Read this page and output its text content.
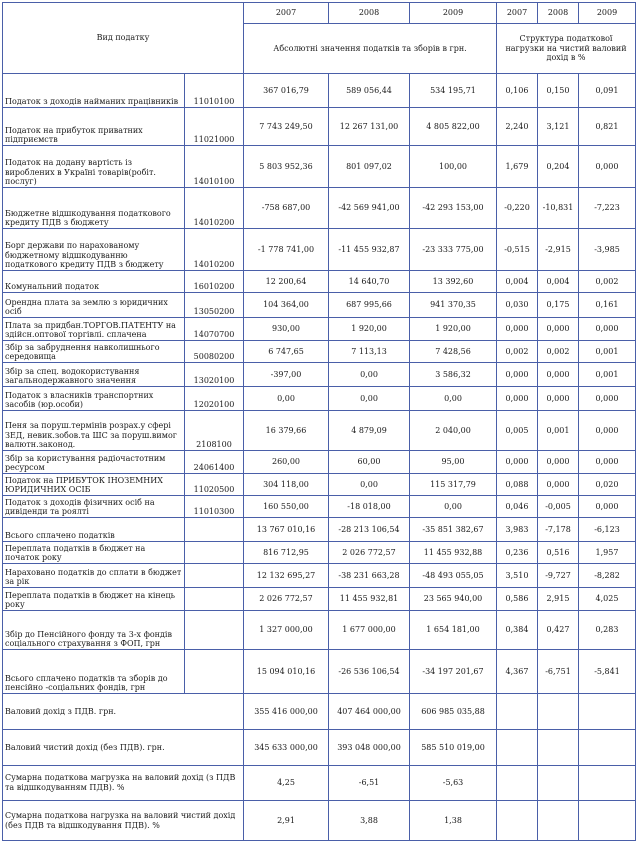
Вид податку		2007	2008	2009	2007	2008	2009
		Абсолютні значення податків та зборів в грн.			Структура податкової нагрузки на чистий валовий дохід в %		
Податок з доходів найманих працівників	11010100	367 016,79	589 056,44	534 195,71	0,106	0,150	0,091
Податок на прибуток приватних підприємств	11021000	7 743 249,50	12 267 131,00	4 805 822,00	2,240	3,121	0,821
Податок на додану вартість із вироблених в Україні товарів(робіт. послуг)	14010100	5 803 952,36	801 097,02	100,00	1,679	0,204	0,000
Бюджетне відшкодування податкового кредиту ПДВ з бюджету	14010200	-758 687,00	-42 569 941,00	-42 293 153,00	-0,220	-10,831	-7,223
Борг держави по нарахованому бюджетному відшкодуванню податкового кредиту ПДВ з бюджету	14010200	-1 778 741,00	-11 455 932,87	-23 333 775,00	-0,515	-2,915	-3,985
Комунальний податок	16010200	12 200,64	14 640,70	13 392,60	0,004	0,004	0,002
Орендна плата за землю з юридичних осіб	13050200	104 364,00	687 995,66	941 370,35	0,030	0,175	0,161
Плата за придбан.ТОРГОВ.ПАТЕНТУ на здійсн.оптової торгівлі. сплачена	14070700	930,00	1 920,00	1 920,00	0,000	0,000	0,000
Збір за забруднення навколишнього середовища	50080200	6 747,65	7 113,13	7 428,56	0,002	0,002	0,001
Збір за спец. водокористування загальнодержавного значення	13020100	-397,00	0,00	3 586,32	0,000	0,000	0,001
Податок з власників транспортних засобів (юр.особи)	12020100	0,00	0,00	0,00	0,000	0,000	0,000
Пеня за поруш.термінів розрах.у сфері ЗЕД, невик.зобов.та ШС за поруш.вимог валютн.законод.	2108100	16 379,66	4 879,09	2 040,00	0,005	0,001	0,000
Збір за користування радіочастотним ресурсом	24061400	260,00	60,00	95,00	0,000	0,000	0,000
Податок на ПРИБУТОК ІНОЗЕМНИХ ЮРИДИЧНИХ ОСІБ	11020500	304 118,00	0,00	115 317,79	0,088	0,000	0,020
Податок з доходів фізичних осіб на дивіденди та роялті	11010300	160 550,00	-18 018,00	0,00	0,046	-0,005	0,000
Всього сплачено податків		13 767 010,16	-28 213 106,54	-35 851 382,67	3,983	-7,178	-6,123
Переплата податків в бюджет на початок року		816 712,95	2 026 772,57	11 455 932,88	0,236	0,516	1,957
Нараховано податків до сплати в бюджет за рік		12 132 695,27	-38 231 663,28	-48 493 055,05	3,510	-9,727	-8,282
Переплата податків в бюджет на кінець року		2 026 772,57	11 455 932,81	23 565 940,00	0,586	2,915	4,025
Збір до Пенсійного фонду та 3-х фондів соціального страхування з ФОП, грн		1 327 000,00	1 677 000,00	1 654 181,00	0,384	0,427	0,283
Всього сплачено податків та зборів до пенсійно -соціальних фондів, грн		15 094 010,16	-26 536 106,54	-34 197 201,67	4,367	-6,751	-5,841
Валовий дохід з ПДВ. грн.		355 416 000,00	407 464 000,00	606 985 035,88			
Валовий чистий дохід (без ПДВ). грн.		345 633 000,00	393 048 000,00	585 510 019,00			
Сумарна податкова магрузка на валовий дохід (з ПДВ та відшкодуванням ПДВ). %		4,25	-6,51	-5,63			
Сумарна податкова нагрузка на валовий чистий дохід (без ПДВ та відшкодування ПДВ). %		2,91	3,88	1,38			
